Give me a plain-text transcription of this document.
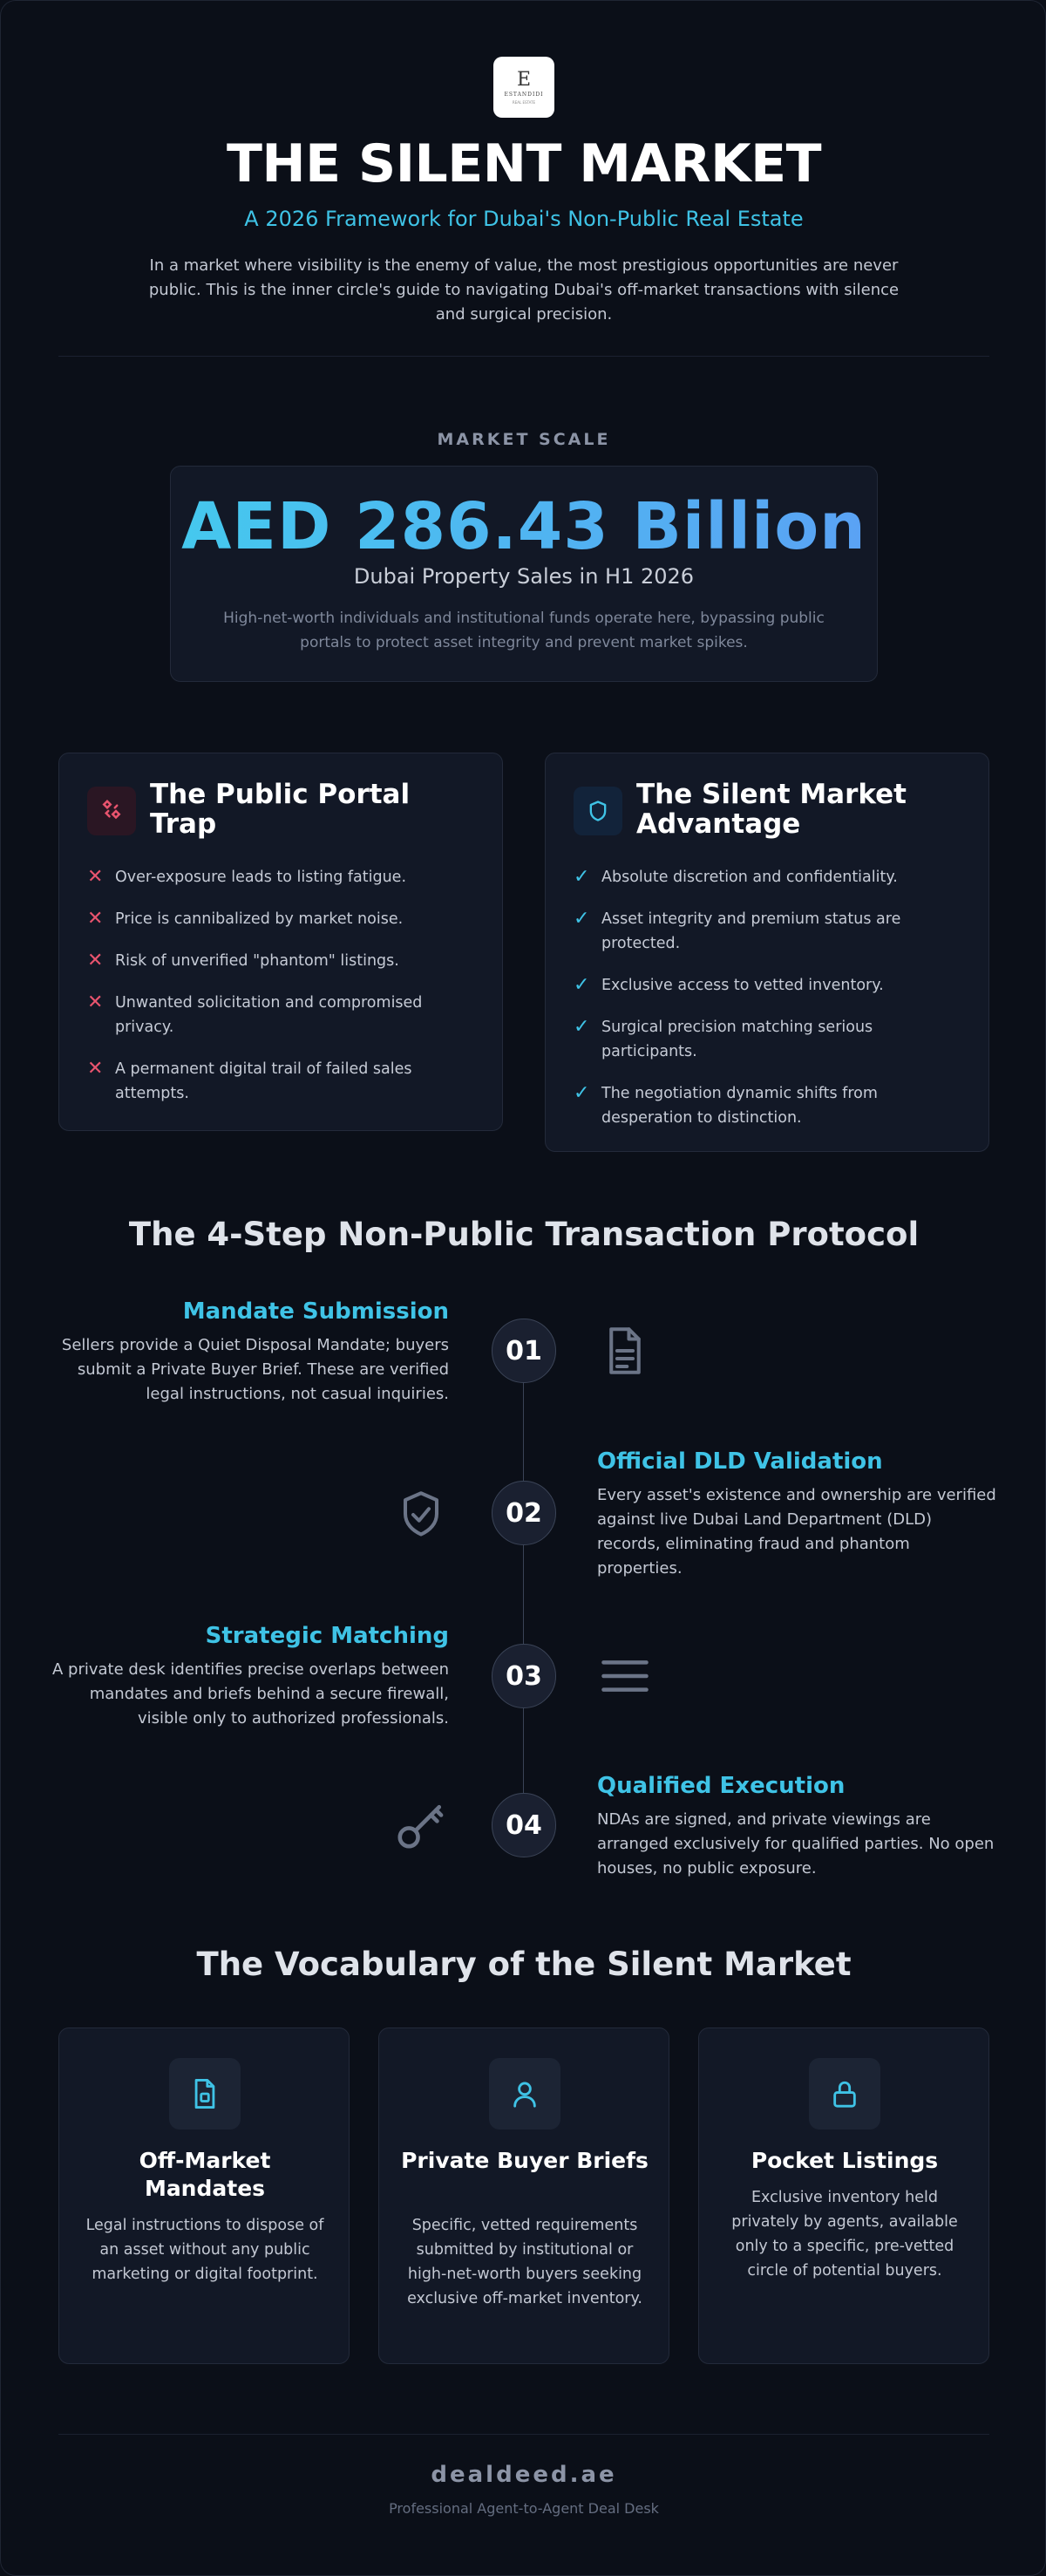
E
ESTANDIDI
REAL ESTATE
THE SILENT MARKET
A 2026 Framework for Dubai's Non-Public Real Estate

In a market where visibility is the enemy of value, the most prestigious opportunities are never public. This is the inner circle's guide to navigating Dubai's off-market transactions with silence and surgical precision.

MARKET SCALE
AED 286.43 Billion
Dubai Property Sales in H1 2026
High-net-worth individuals and institutional funds operate here, bypassing public portals to protect asset integrity and prevent market spikes.
The Public Portal Trap
✕ Over-exposure leads to listing fatigue.
✕ Price is cannibalized by market noise.
✕ Risk of unverified "phantom" listings.
✕ Unwanted solicitation and compromised privacy.
✕ A permanent digital trail of failed sales attempts.
The Silent Market Advantage
✓ Absolute discretion and confidentiality.
✓ Asset integrity and premium status are protected.
✓ Exclusive access to vetted inventory.
✓ Surgical precision matching serious participants.
✓ The negotiation dynamic shifts from desperation to distinction.
The 4-Step Non-Public Transaction Protocol
Mandate Submission
Sellers provide a Quiet Disposal Mandate; buyers submit a Private Buyer Brief. These are verified legal instructions, not casual inquiries.
01
02
Official DLD Validation
Every asset's existence and ownership are verified against live Dubai Land Department (DLD) records, eliminating fraud and phantom properties.
Strategic Matching
A private desk identifies precise overlaps between mandates and briefs behind a secure firewall, visible only to authorized professionals.
03
04
Qualified Execution
NDAs are signed, and private viewings are arranged exclusively for qualified parties. No open houses, no public exposure.
The Vocabulary of the Silent Market
Off-Market Mandates
Legal instructions to dispose of an asset without any public marketing or digital footprint.
Private Buyer Briefs
Specific, vetted requirements submitted by institutional or high-net-worth buyers seeking exclusive off-market inventory.
Pocket Listings
Exclusive inventory held privately by agents, available only to a specific, pre-vetted circle of potential buyers.
dealdeed.ae
Professional Agent-to-Agent Deal Desk
